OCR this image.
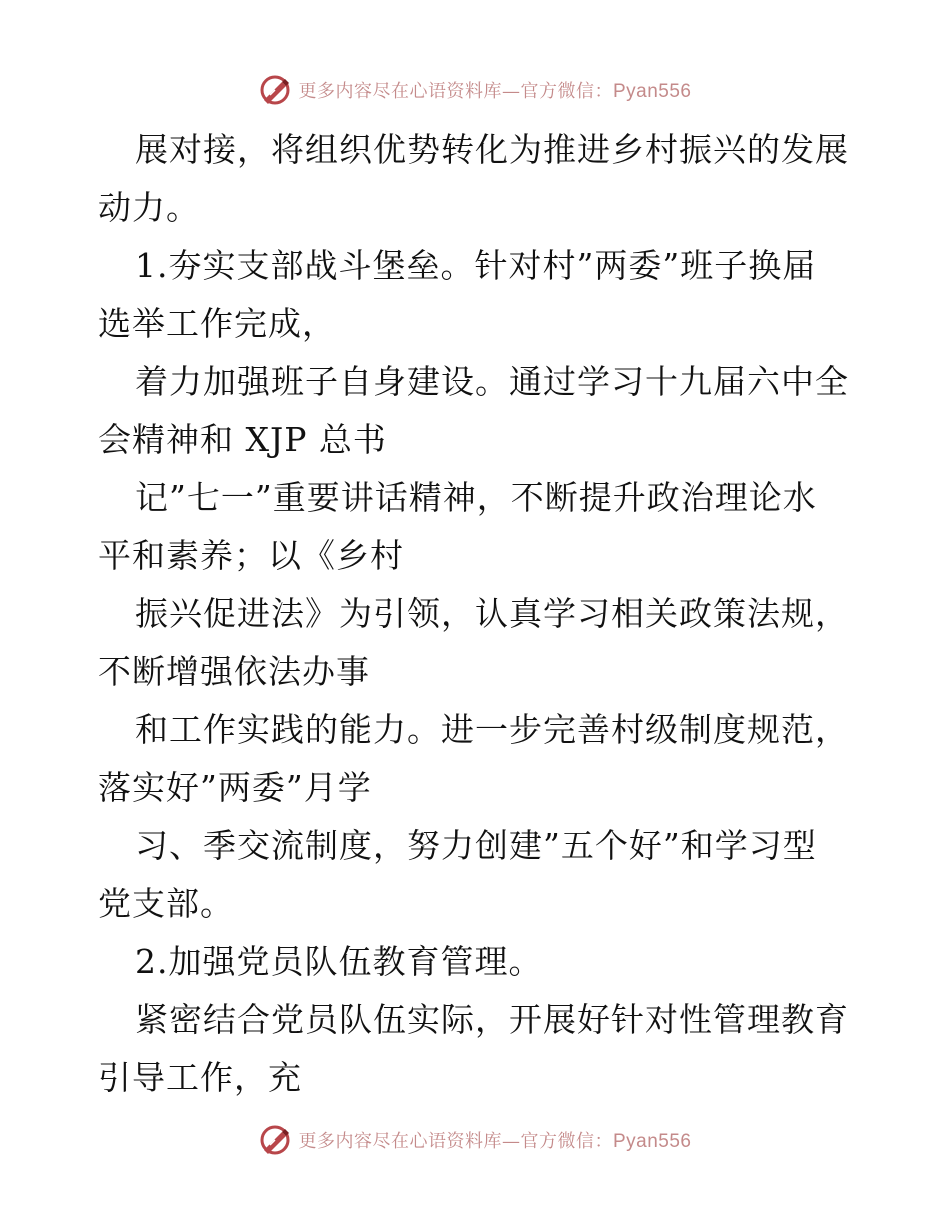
更多内容尽在心语资料库—官方微信：Pyan556
展对接，将组织优势转化为推进乡村振兴的发展
动力。
1.夯实支部战斗堡垒。针对村”两委”班子换届
选举工作完成，
着力加强班子自身建设。通过学习十九届六中全
会精神和 XJP 总书
记”七一”重要讲话精神，不断提升政治理论水
平和素养；以《乡村
振兴促进法》为引领，认真学习相关政策法规，
不断增强依法办事
和工作实践的能力。进一步完善村级制度规范，
落实好”两委”月学
习、季交流制度，努力创建”五个好”和学习型
党支部。
2.加强党员队伍教育管理。
紧密结合党员队伍实际，开展好针对性管理教育
引导工作，充
更多内容尽在心语资料库—官方微信：Pyan556
